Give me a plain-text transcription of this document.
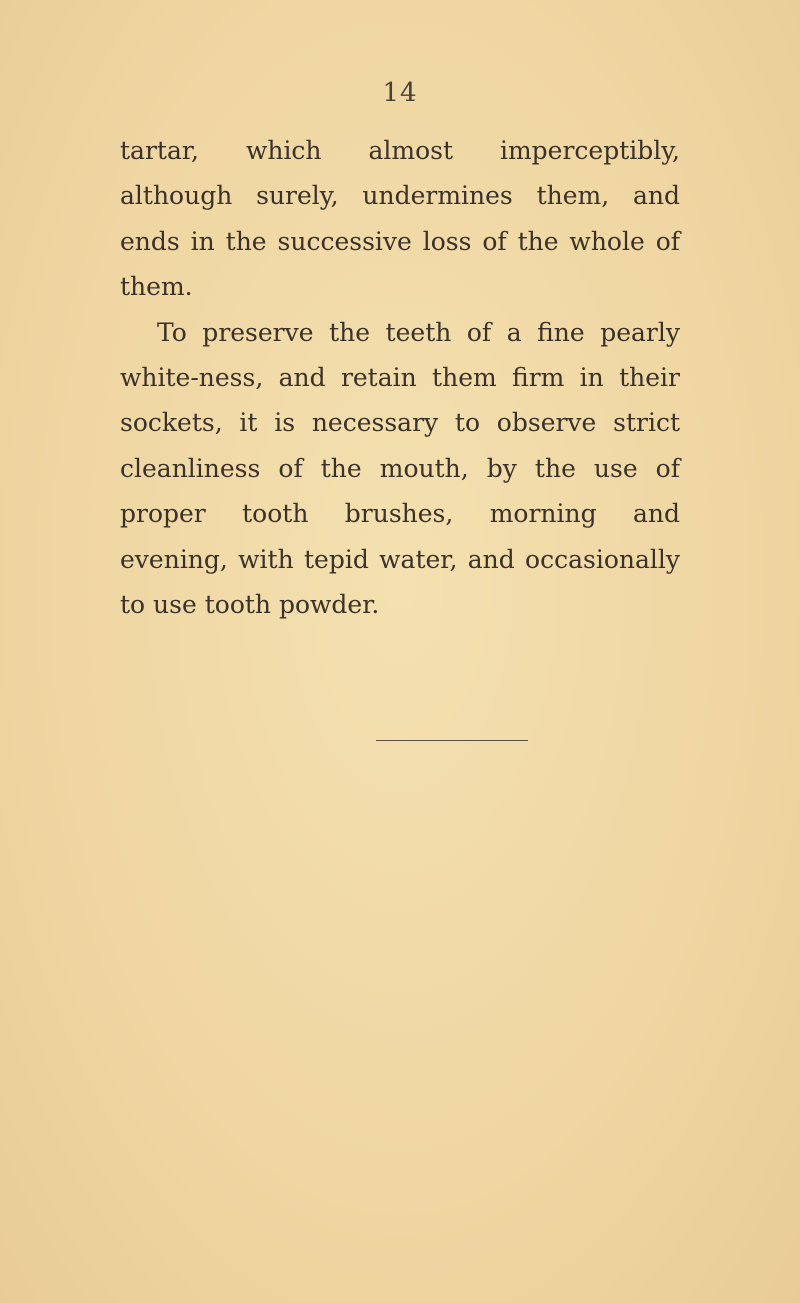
14

tartar, which almost imperceptibly, although surely, undermines them, and ends in the successive loss of the whole of them.

To preserve the teeth of a fine pearly white-ness, and retain them firm in their sockets, it is necessary to observe strict cleanliness of the mouth, by the use of proper tooth brushes, morning and evening, with tepid water, and occasionally to use tooth powder.
